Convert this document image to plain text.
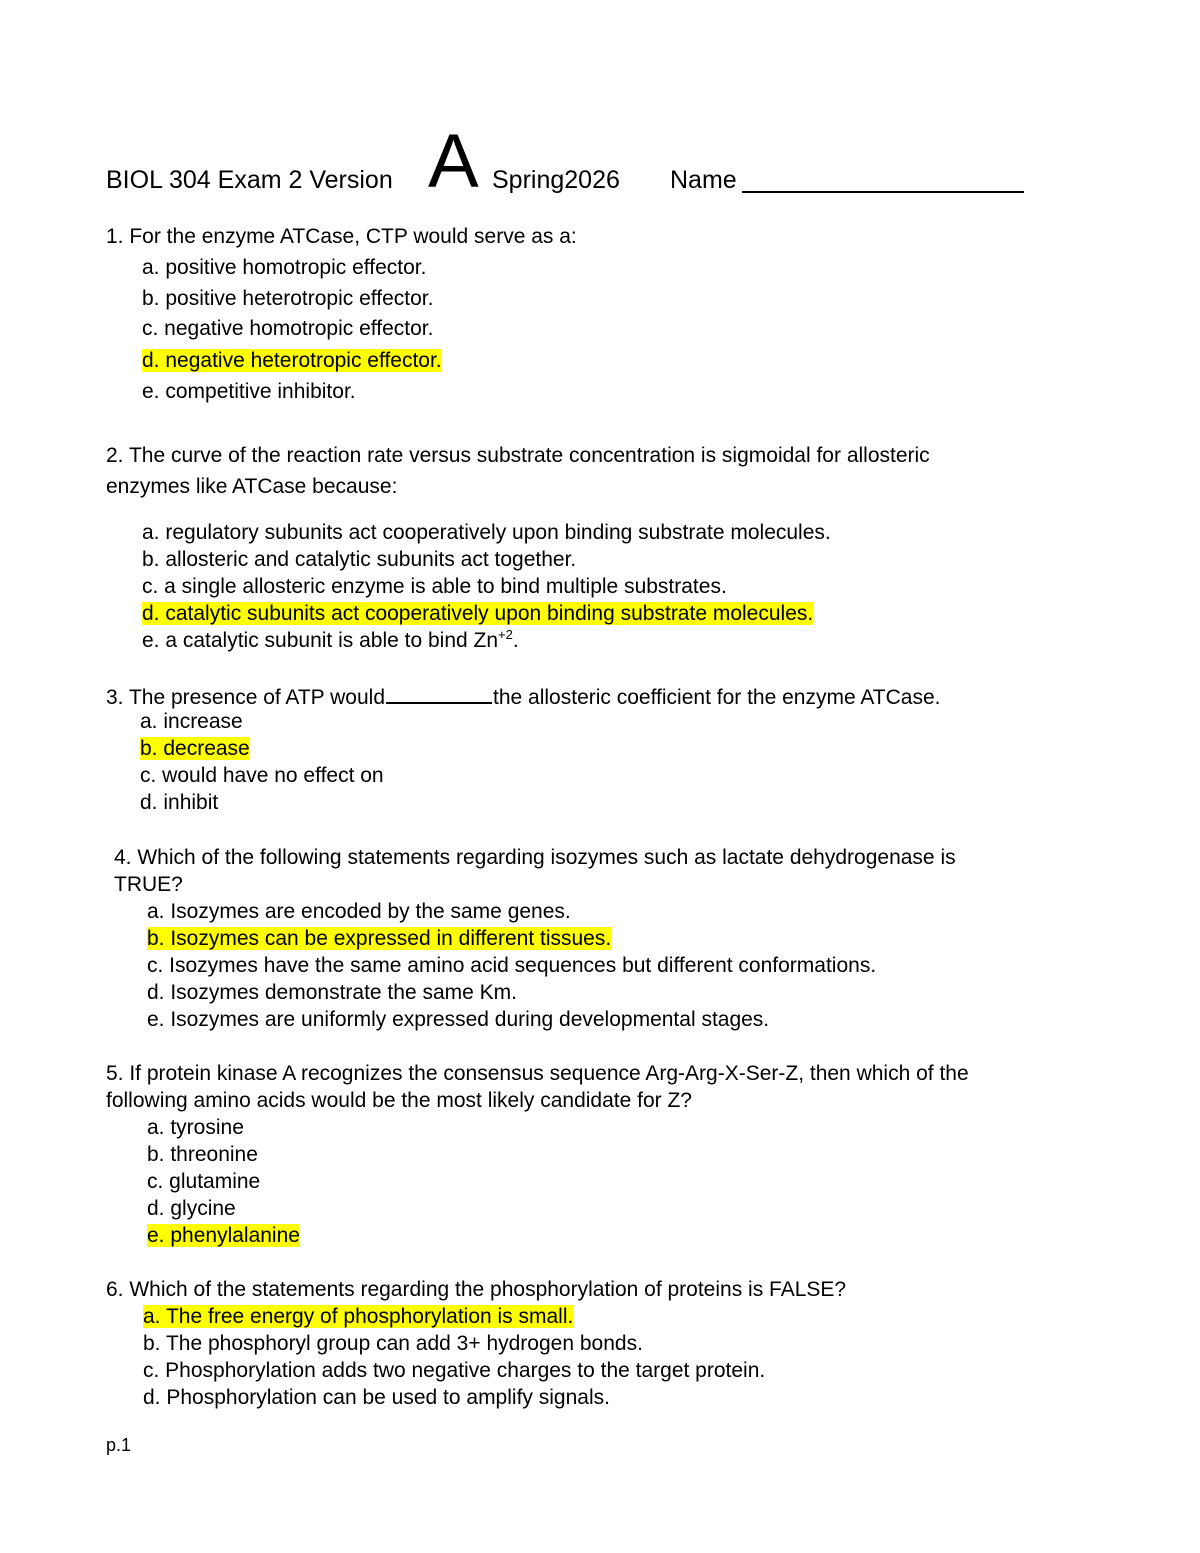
BIOL 304 Exam 2 Version A Spring2026 Name
1. For the enzyme ATCase, CTP would serve as a:
a. positive homotropic effector.
b. positive heterotropic effector.
c. negative homotropic effector.
d. negative heterotropic effector.
e. competitive inhibitor.
2. The curve of the reaction rate versus substrate concentration is sigmoidal for allosteric
enzymes like ATCase because:
a. regulatory subunits act cooperatively upon binding substrate molecules.
b. allosteric and catalytic subunits act together.
c. a single allosteric enzyme is able to bind multiple substrates.
d. catalytic subunits act cooperatively upon binding substrate molecules.
e. a catalytic subunit is able to bind $Zn^{+2}$.
3. The presence of ATP would	the allosteric coefficient for the enzyme ATCase.
a. increase
b. decrease
c. would have no effect on
d. inhibit
4. Which of the following statements regarding isozymes such as lactate dehydrogenase is
TRUE?
a. Isozymes are encoded by the same genes.
b. Isozymes can be expressed in different tissues.
c. Isozymes have the same amino acid sequences but different conformations.
d. Isozymes demonstrate the same Km.
e. Isozymes are uniformly expressed during developmental stages.
5. If protein kinase A recognizes the consensus sequence Arg-Arg-X-Ser-Z, then which of the
following amino acids would be the most likely candidate for Z?
a. tyrosine
b. threonine
c. glutamine
d. glycine
e. phenylalanine
6. Which of the statements regarding the phosphorylation of proteins is FALSE?
a. The free energy of phosphorylation is small.
b. The phosphoryl group can add 3+ hydrogen bonds.
c. Phosphorylation adds two negative charges to the target protein.
d. Phosphorylation can be used to amplify signals.
p.1
